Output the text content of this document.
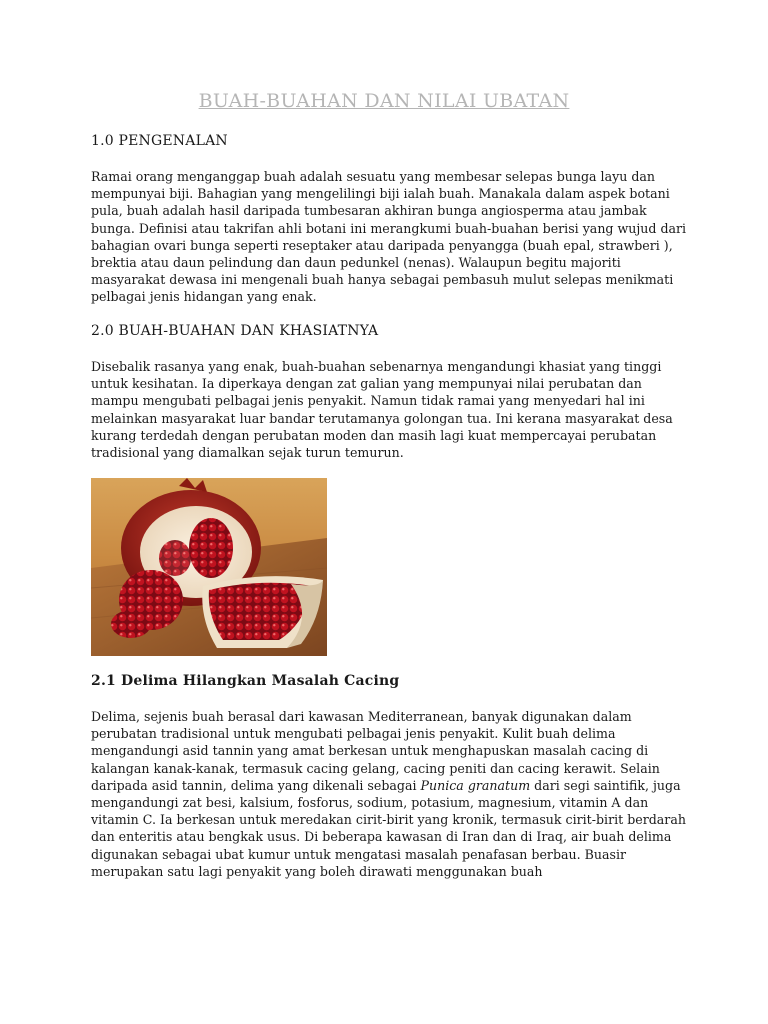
BUAH-BUAHAN DAN NILAI UBATAN
1.0 PENGENALAN

Ramai orang menganggap buah adalah sesuatu yang membesar selepas bunga layu dan mempunyai biji. Bahagian yang mengelilingi biji ialah buah. Manakala dalam aspek botani pula, buah adalah hasil daripada tumbesaran akhiran bunga angiosperma atau jambak bunga. Definisi atau takrifan ahli botani ini merangkumi buah-buahan berisi yang wujud dari bahagian ovari bunga seperti reseptaker atau daripada penyangga (buah epal, strawberi ), brektia atau daun pelindung dan daun pedunkel (nenas). Walaupun begitu majoriti masyarakat dewasa ini mengenali buah hanya sebagai pembasuh mulut selepas menikmati pelbagai jenis hidangan yang enak.

2.0 BUAH-BUAHAN DAN KHASIATNYA

Disebalik rasanya yang enak, buah-buahan sebenarnya mengandungi khasiat yang tinggi untuk kesihatan. Ia diperkaya dengan zat galian yang mempunyai nilai perubatan dan mampu mengubati pelbagai jenis penyakit. Namun tidak ramai yang menyedari hal ini melainkan masyarakat luar bandar terutamanya golongan tua. Ini kerana masyarakat desa kurang terdedah dengan perubatan moden dan masih lagi kuat mempercayai perubatan tradisional yang diamalkan sejak turun temurun.

2.1 Delima Hilangkan Masalah Cacing

Delima, sejenis buah berasal dari kawasan Mediterranean, banyak digunakan dalam perubatan tradisional untuk mengubati pelbagai jenis penyakit. Kulit buah delima mengandungi asid tannin yang amat berkesan untuk menghapuskan masalah cacing di kalangan kanak-kanak, termasuk cacing gelang, cacing peniti dan cacing kerawit. Selain daripada asid tannin, delima yang dikenali sebagai Punica granatum dari segi saintifik, juga mengandungi zat besi, kalsium, fosforus, sodium, potasium, magnesium, vitamin A dan vitamin C. Ia berkesan untuk meredakan cirit-birit yang kronik, termasuk cirit-birit berdarah dan enteritis atau bengkak usus. Di beberapa kawasan di Iran dan di Iraq, air buah delima digunakan sebagai ubat kumur untuk mengatasi masalah penafasan berbau. Buasir merupakan satu lagi penyakit yang boleh dirawati menggunakan buah
